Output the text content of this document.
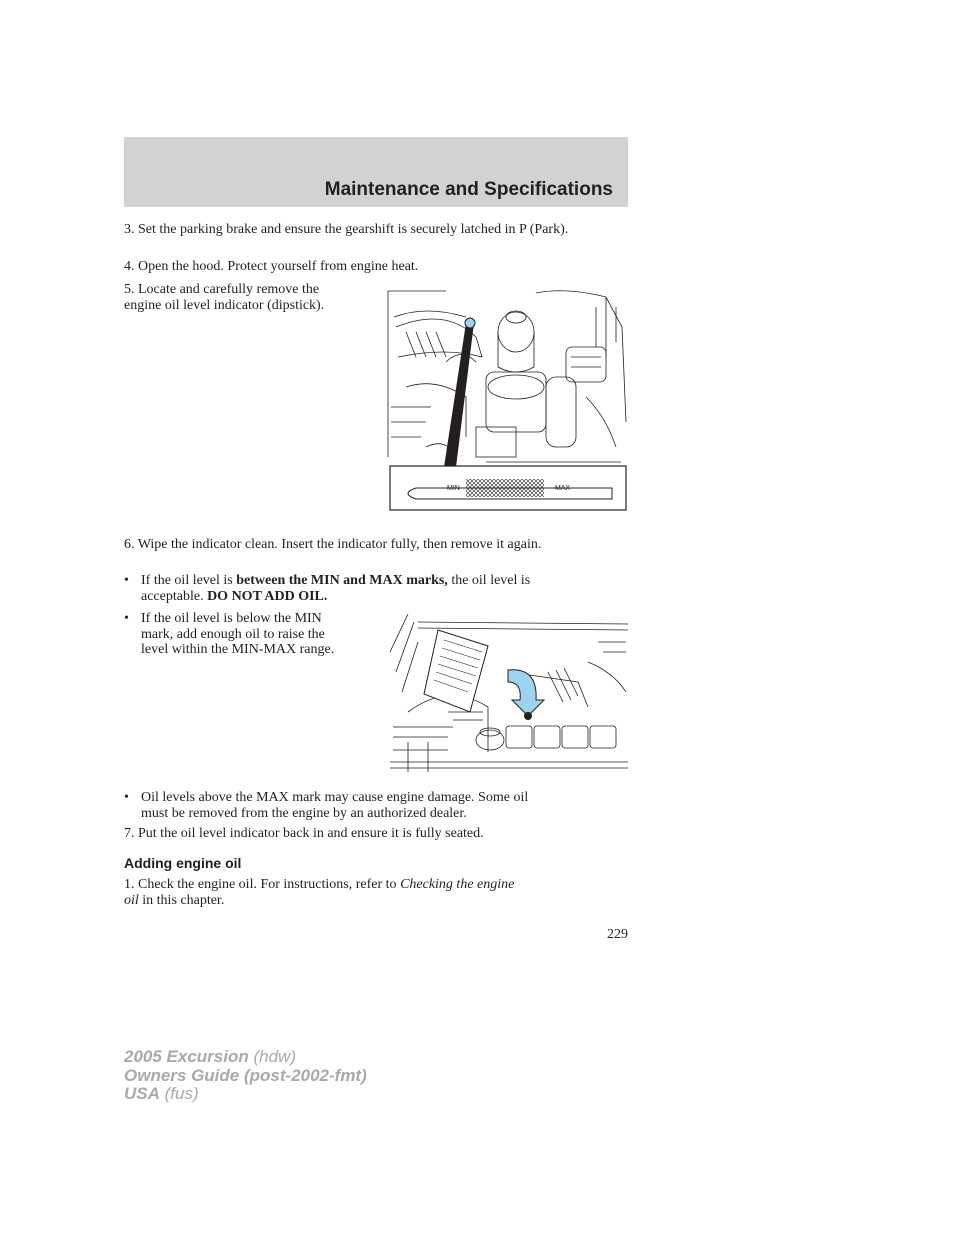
Maintenance and Specifications
3. Set the parking brake and ensure the gearshift is securely latched in P (Park).
4. Open the hood. Protect yourself from engine heat.
5. Locate and carefully remove the
engine oil level indicator (dipstick).
MIN	MAX
6. Wipe the indicator clean. Insert the indicator fully, then remove it again.
• If the oil level is between the MIN and MAX marks, the oil level is
acceptable. DO NOT ADD OIL.
• If the oil level is below the MIN
mark, add enough oil to raise the
level within the MIN-MAX range.
• Oil levels above the MAX mark may cause engine damage. Some oil
must be removed from the engine by an authorized dealer.
7. Put the oil level indicator back in and ensure it is fully seated.
Adding engine oil
1. Check the engine oil. For instructions, refer to Checking the engine
oil in this chapter.
229
2005 Excursion (hdw)
Owners Guide (post-2002-fmt)
USA (fus)
